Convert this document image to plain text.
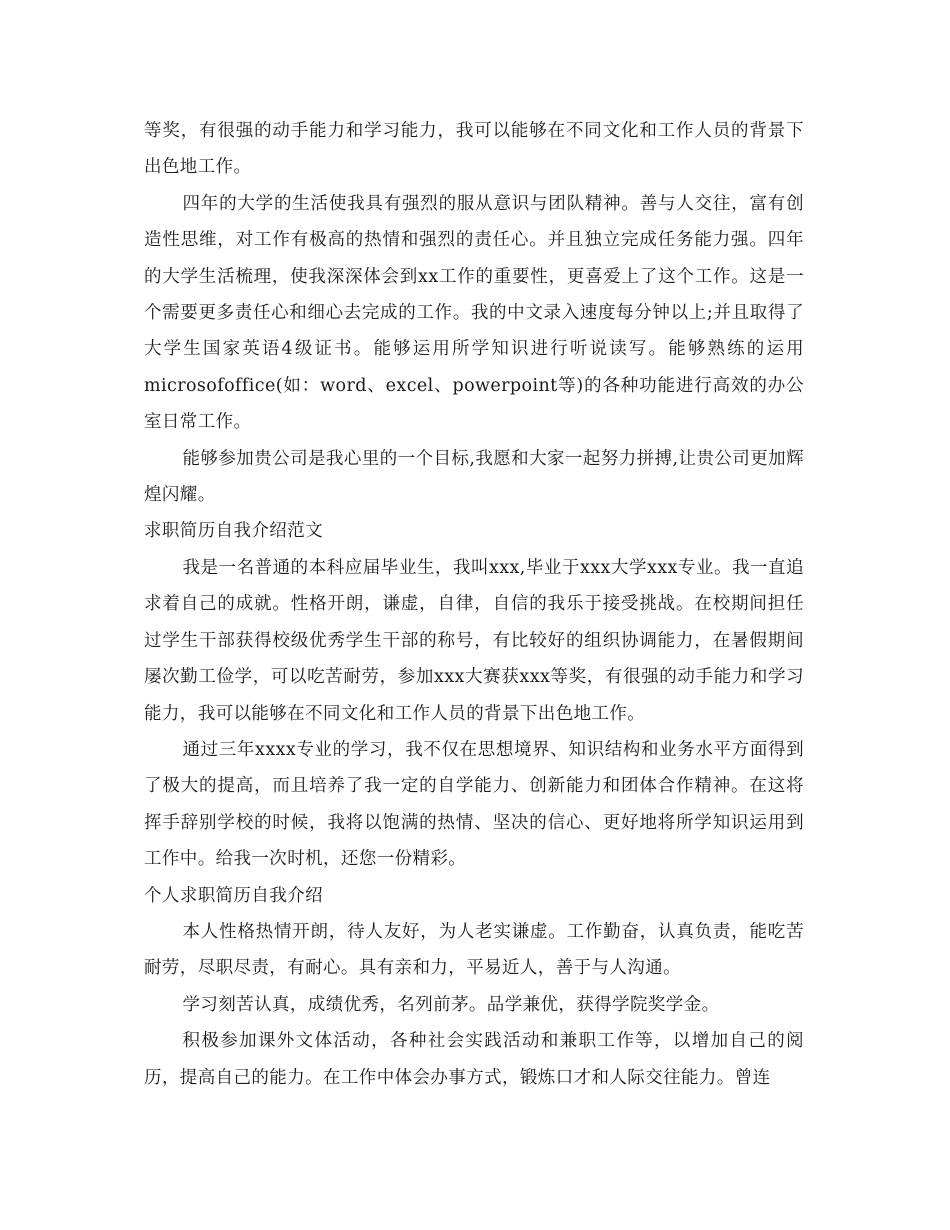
等奖，有很强的动手能力和学习能力，我可以能够在不同文化和工作人员的背景下出色地工作。

四年的大学的生活使我具有强烈的服从意识与团队精神。善与人交往，富有创造性思维，对工作有极高的热情和强烈的责任心。并且独立完成任务能力强。四年的大学生活梳理，使我深深体会到xx工作的重要性，更喜爱上了这个工作。这是一个需要更多责任心和细心去完成的工作。我的中文录入速度每分钟以上;并且取得了大学生国家英语4级证书。能够运用所学知识进行听说读写。能够熟练的运用microsofoffice(如：word、excel、powerpoint等)的各种功能进行高效的办公室日常工作。

能够参加贵公司是我心里的一个目标,我愿和大家一起努力拼搏,让贵公司更加辉煌闪耀。

求职简历自我介绍范文

我是一名普通的本科应届毕业生，我叫xxx,毕业于xxx大学xxx专业。我一直追求着自己的成就。性格开朗，谦虚，自律，自信的我乐于接受挑战。在校期间担任过学生干部获得校级优秀学生干部的称号，有比较好的组织协调能力，在暑假期间屡次勤工俭学，可以吃苦耐劳，参加xxx大赛获xxx等奖，有很强的动手能力和学习能力，我可以能够在不同文化和工作人员的背景下出色地工作。

通过三年xxxx专业的学习，我不仅在思想境界、知识结构和业务水平方面得到了极大的提高，而且培养了我一定的自学能力、创新能力和团体合作精神。在这将挥手辞别学校的时候，我将以饱满的热情、坚决的信心、更好地将所学知识运用到工作中。给我一次时机，还您一份精彩。

个人求职简历自我介绍

本人性格热情开朗，待人友好，为人老实谦虚。工作勤奋，认真负责，能吃苦耐劳，尽职尽责，有耐心。具有亲和力，平易近人，善于与人沟通。

学习刻苦认真，成绩优秀，名列前茅。品学兼优，获得学院奖学金。

积极参加课外文体活动，各种社会实践活动和兼职工作等，以增加自己的阅历，提高自己的能力。在工作中体会办事方式，锻炼口才和人际交往能力。曾连
